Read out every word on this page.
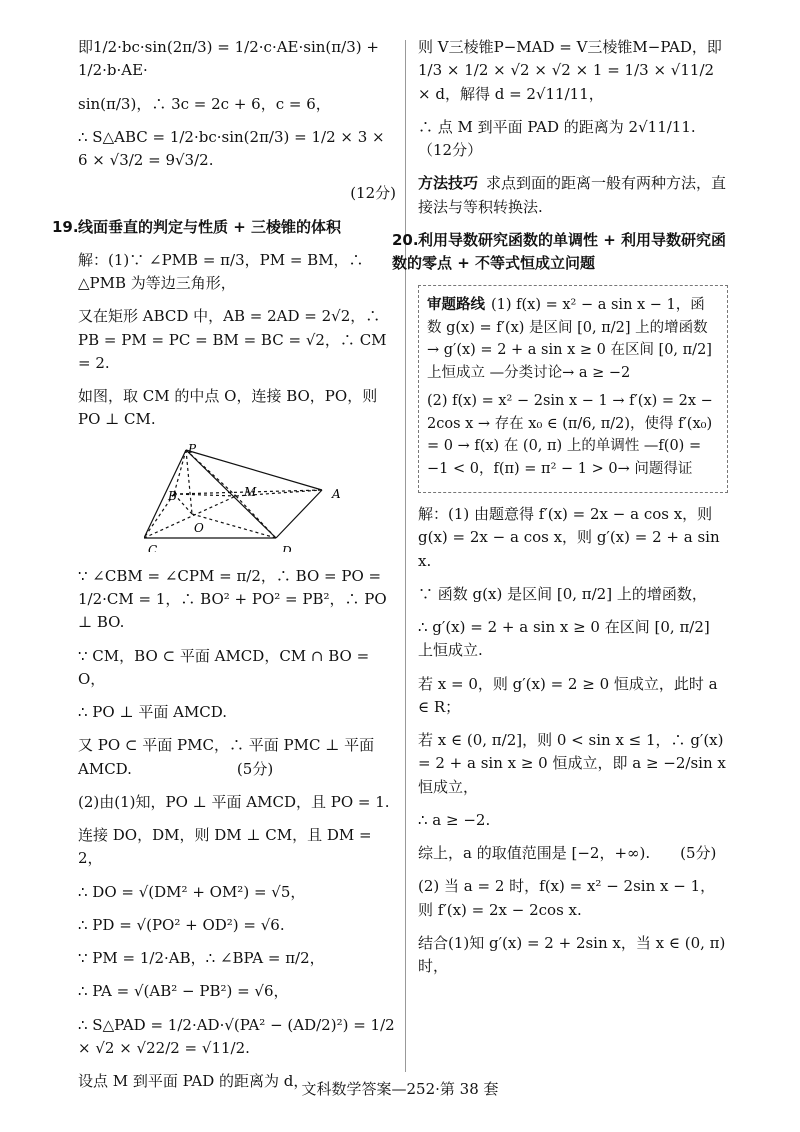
即1/2·bc·sin(2π/3) = 1/2·c·AE·sin(π/3) + 1/2·b·AE·
sin(π/3)，∴ 3c = 2c + 6，c = 6，
∴ S△ABC = 1/2·bc·sin(2π/3) = 1/2 × 3 × 6 × √3/2 = 9√3/2.
(12分)
19.线面垂直的判定与性质 + 三棱锥的体积
解：(1)∵ ∠PMB = π/3，PM = BM，∴ △PMB 为等边三角形，
又在矩形 ABCD 中，AB = 2AD = 2√2，∴ PB = PM = PC = BM = BC = √2，∴ CM = 2.
如图，取 CM 的中点 O，连接 BO，PO，则 PO ⊥ CM.
P
B	M	A
O
C	D
∵ ∠CBM = ∠CPM = π/2，∴ BO = PO = 1/2·CM = 1，∴ BO² + PO² = PB²，∴ PO ⊥ BO.
∵ CM，BO ⊂ 平面 AMCD，CM ∩ BO = O，
∴ PO ⊥ 平面 AMCD.
又 PO ⊂ 平面 PMC，∴ 平面 PMC ⊥ 平面 AMCD.　　　　　　　(5分)
(2)由(1)知，PO ⊥ 平面 AMCD，且 PO = 1.
连接 DO，DM，则 DM ⊥ CM，且 DM = 2，
∴ DO = √(DM² + OM²) = √5，
∴ PD = √(PO² + OD²) = √6.
∵ PM = 1/2·AB，∴ ∠BPA = π/2，
∴ PA = √(AB² − PB²) = √6，
∴ S△PAD = 1/2·AD·√(PA² − (AD/2)²) = 1/2 × √2 × √22/2 = √11/2.
设点 M 到平面 PAD 的距离为 d，
则 V三棱锥P−MAD = V三棱锥M−PAD，即 1/3 × 1/2 × √2 × √2 × 1 = 1/3 × √11/2 × d，解得 d = 2√11/11，
∴ 点 M 到平面 PAD 的距离为 2√11/11.（12分）
方法技巧 求点到面的距离一般有两种方法，直接法与等积转换法.
20.利用导数研究函数的单调性 + 利用导数研究函数的零点 + 不等式恒成立问题
审题路线 (1) f(x) = x² − a sin x − 1，函数 g(x) = f′(x) 是区间 [0, π/2] 上的增函数 → g′(x) = 2 + a sin x ≥ 0 在区间 [0, π/2] 上恒成立 —分类讨论→ a ≥ −2
(2) f(x) = x² − 2sin x − 1 → f′(x) = 2x − 2cos x → 存在 x₀ ∈ (π/6, π/2)，使得 f′(x₀) = 0 → f(x) 在 (0, π) 上的单调性 —f(0) = −1 < 0，f(π) = π² − 1 > 0→ 问题得证
解：(1) 由题意得 f′(x) = 2x − a cos x，则 g(x) = 2x − a cos x，则 g′(x) = 2 + a sin x.
∵ 函数 g(x) 是区间 [0, π/2] 上的增函数，
∴ g′(x) = 2 + a sin x ≥ 0 在区间 [0, π/2] 上恒成立.
若 x = 0，则 g′(x) = 2 ≥ 0 恒成立，此时 a ∈ R；
若 x ∈ (0, π/2]，则 0 < sin x ≤ 1，∴ g′(x) = 2 + a sin x ≥ 0 恒成立，即 a ≥ −2/sin x 恒成立，
∴ a ≥ −2.
综上，a 的取值范围是 [−2，+∞).　　(5分)
(2) 当 a = 2 时，f(x) = x² − 2sin x − 1，则 f′(x) = 2x − 2cos x.
结合(1)知 g′(x) = 2 + 2sin x，当 x ∈ (0, π) 时，
文科数学答案—252·第 38 套
